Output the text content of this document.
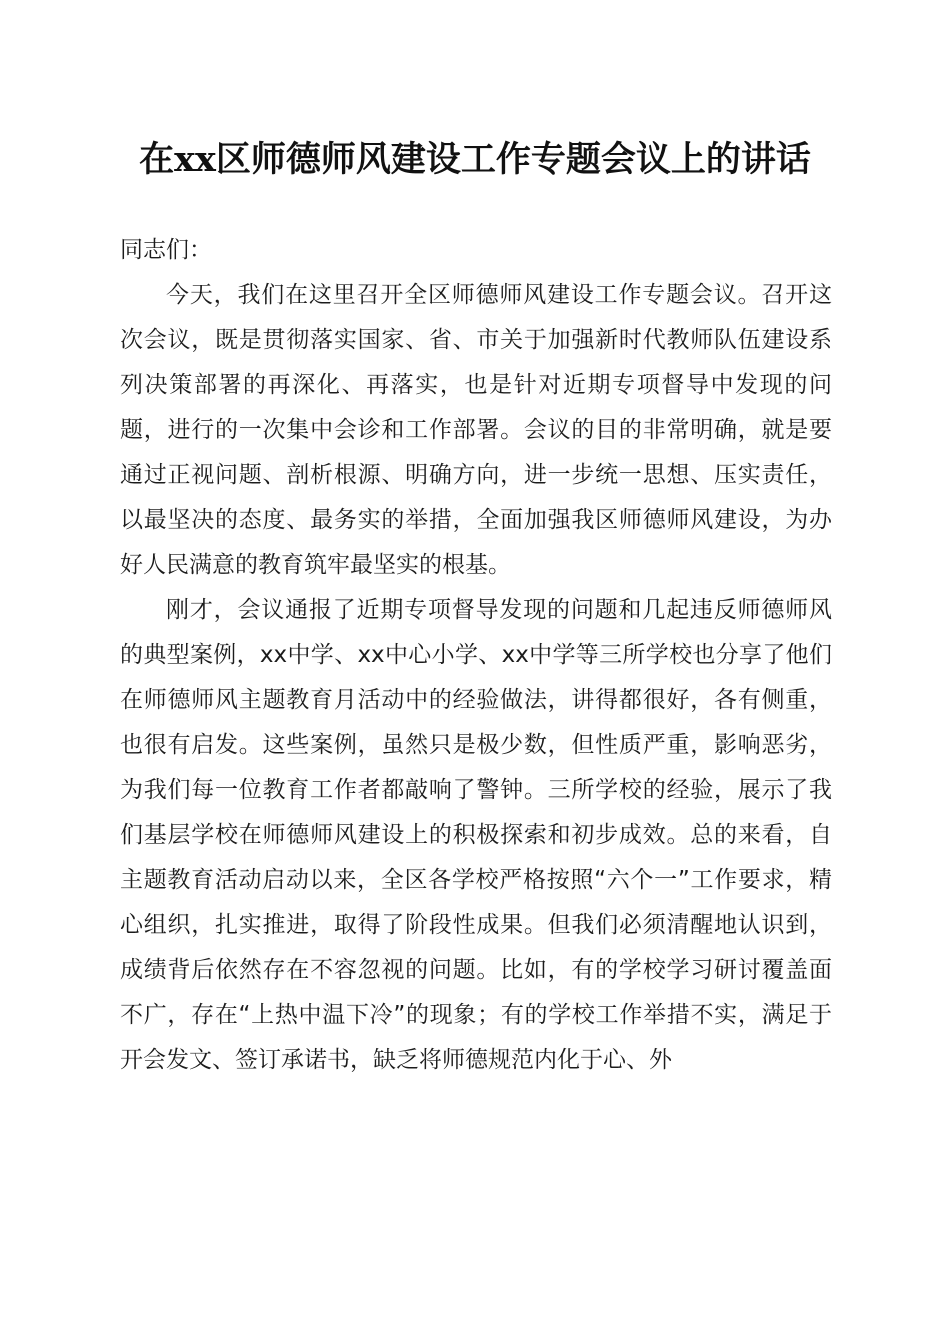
在xx区师德师风建设工作专题会议上的讲话

同志们：

今天，我们在这里召开全区师德师风建设工作专题会议。召开这次会议，既是贯彻落实国家、省、市关于加强新时代教师队伍建设系列决策部署的再深化、再落实，也是针对近期专项督导中发现的问题，进行的一次集中会诊和工作部署。会议的目的非常明确，就是要通过正视问题、剖析根源、明确方向，进一步统一思想、压实责任，以最坚决的态度、最务实的举措，全面加强我区师德师风建设，为办好人民满意的教育筑牢最坚实的根基。

刚才，会议通报了近期专项督导发现的问题和几起违反师德师风的典型案例，xx中学、xx中心小学、xx中学等三所学校也分享了他们在师德师风主题教育月活动中的经验做法，讲得都很好，各有侧重，也很有启发。这些案例，虽然只是极少数，但性质严重，影响恶劣，为我们每一位教育工作者都敲响了警钟。三所学校的经验，展示了我们基层学校在师德师风建设上的积极探索和初步成效。总的来看，自主题教育活动启动以来，全区各学校严格按照“六个一”工作要求，精心组织，扎实推进，取得了阶段性成果。但我们必须清醒地认识到，成绩背后依然存在不容忽视的问题。比如，有的学校学习研讨覆盖面不广，存在“上热中温下冷”的现象；有的学校工作举措不实，满足于开会发文、签订承诺书，缺乏将师德规范内化于心、外
